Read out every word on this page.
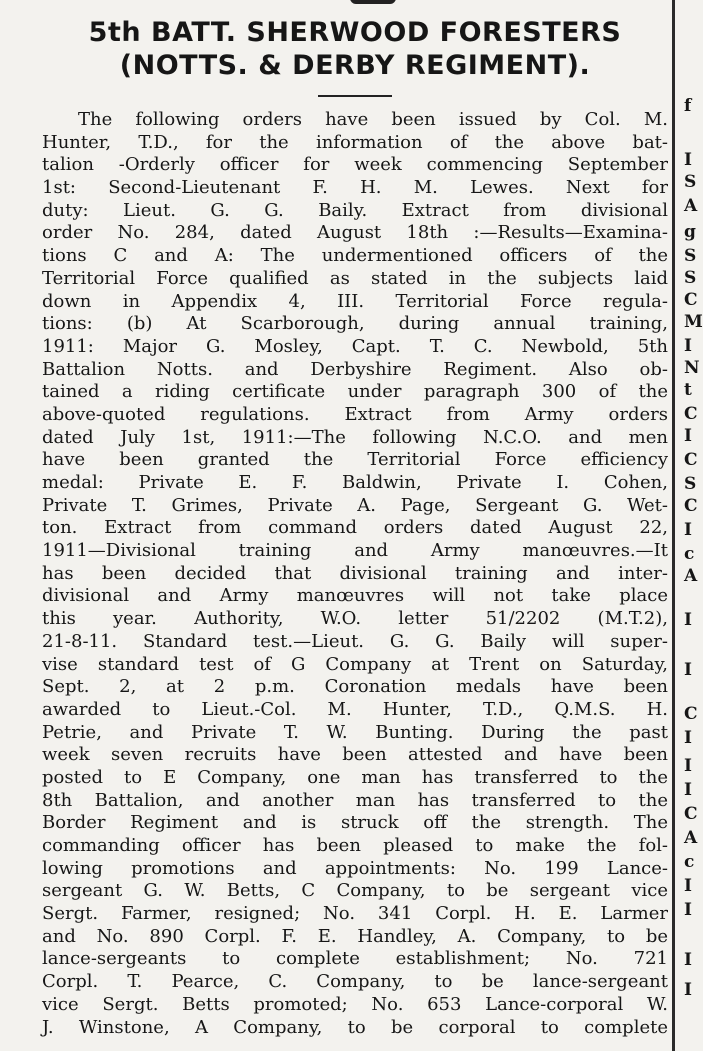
5th BATT. SHERWOOD FORESTERS
(NOTTS. & DERBY REGIMENT).
The following orders have been issued by Col. M.
Hunter, T.D., for the information of the above bat-
talion -Orderly officer for week commencing September
1st: Second-Lieutenant F. H. M. Lewes. Next for
duty: Lieut. G. G. Baily. Extract from divisional
order No. 284, dated August 18th :—Results—Examina-
tions C and A: The undermentioned officers of the
Territorial Force qualified as stated in the subjects laid
down in Appendix 4, III. Territorial Force regula-
tions: (b) At Scarborough, during annual training,
1911: Major G. Mosley, Capt. T. C. Newbold, 5th
Battalion Notts. and Derbyshire Regiment. Also ob-
tained a riding certificate under paragraph 300 of the
above-quoted regulations. Extract from Army orders
dated July 1st, 1911:—The following N.C.O. and men
have been granted the Territorial Force efficiency
medal: Private E. F. Baldwin, Private I. Cohen,
Private T. Grimes, Private A. Page, Sergeant G. Wet-
ton. Extract from command orders dated August 22,
1911—Divisional training and Army manœuvres.—It
has been decided that divisional training and inter-
divisional and Army manœuvres will not take place
this year. Authority, W.O. letter 51/2202 (M.T.2),
21-8-11. Standard test.—Lieut. G. G. Baily will super-
vise standard test of G Company at Trent on Saturday,
Sept. 2, at 2 p.m. Coronation medals have been
awarded to Lieut.-Col. M. Hunter, T.D., Q.M.S. H.
Petrie, and Private T. W. Bunting. During the past
week seven recruits have been attested and have been
posted to E Company, one man has transferred to the
8th Battalion, and another man has transferred to the
Border Regiment and is struck off the strength. The
commanding officer has been pleased to make the fol-
lowing promotions and appointments: No. 199 Lance-
sergeant G. W. Betts, C Company, to be sergeant vice
Sergt. Farmer, resigned; No. 341 Corpl. H. E. Larmer
and No. 890 Corpl. F. E. Handley, A. Company, to be
lance-sergeants to complete establishment; No. 721
Corpl. T. Pearce, C. Company, to be lance-sergeant
vice Sergt. Betts promoted; No. 653 Lance-corporal W.
J. Winstone, A Company, to be corporal to complete
f
I
S
A
g
S
S
C
M
I
N
t
C
I
C
S
C
I
c
A
I
I
C
I
I
I
C
A
c
I
I
I
I
